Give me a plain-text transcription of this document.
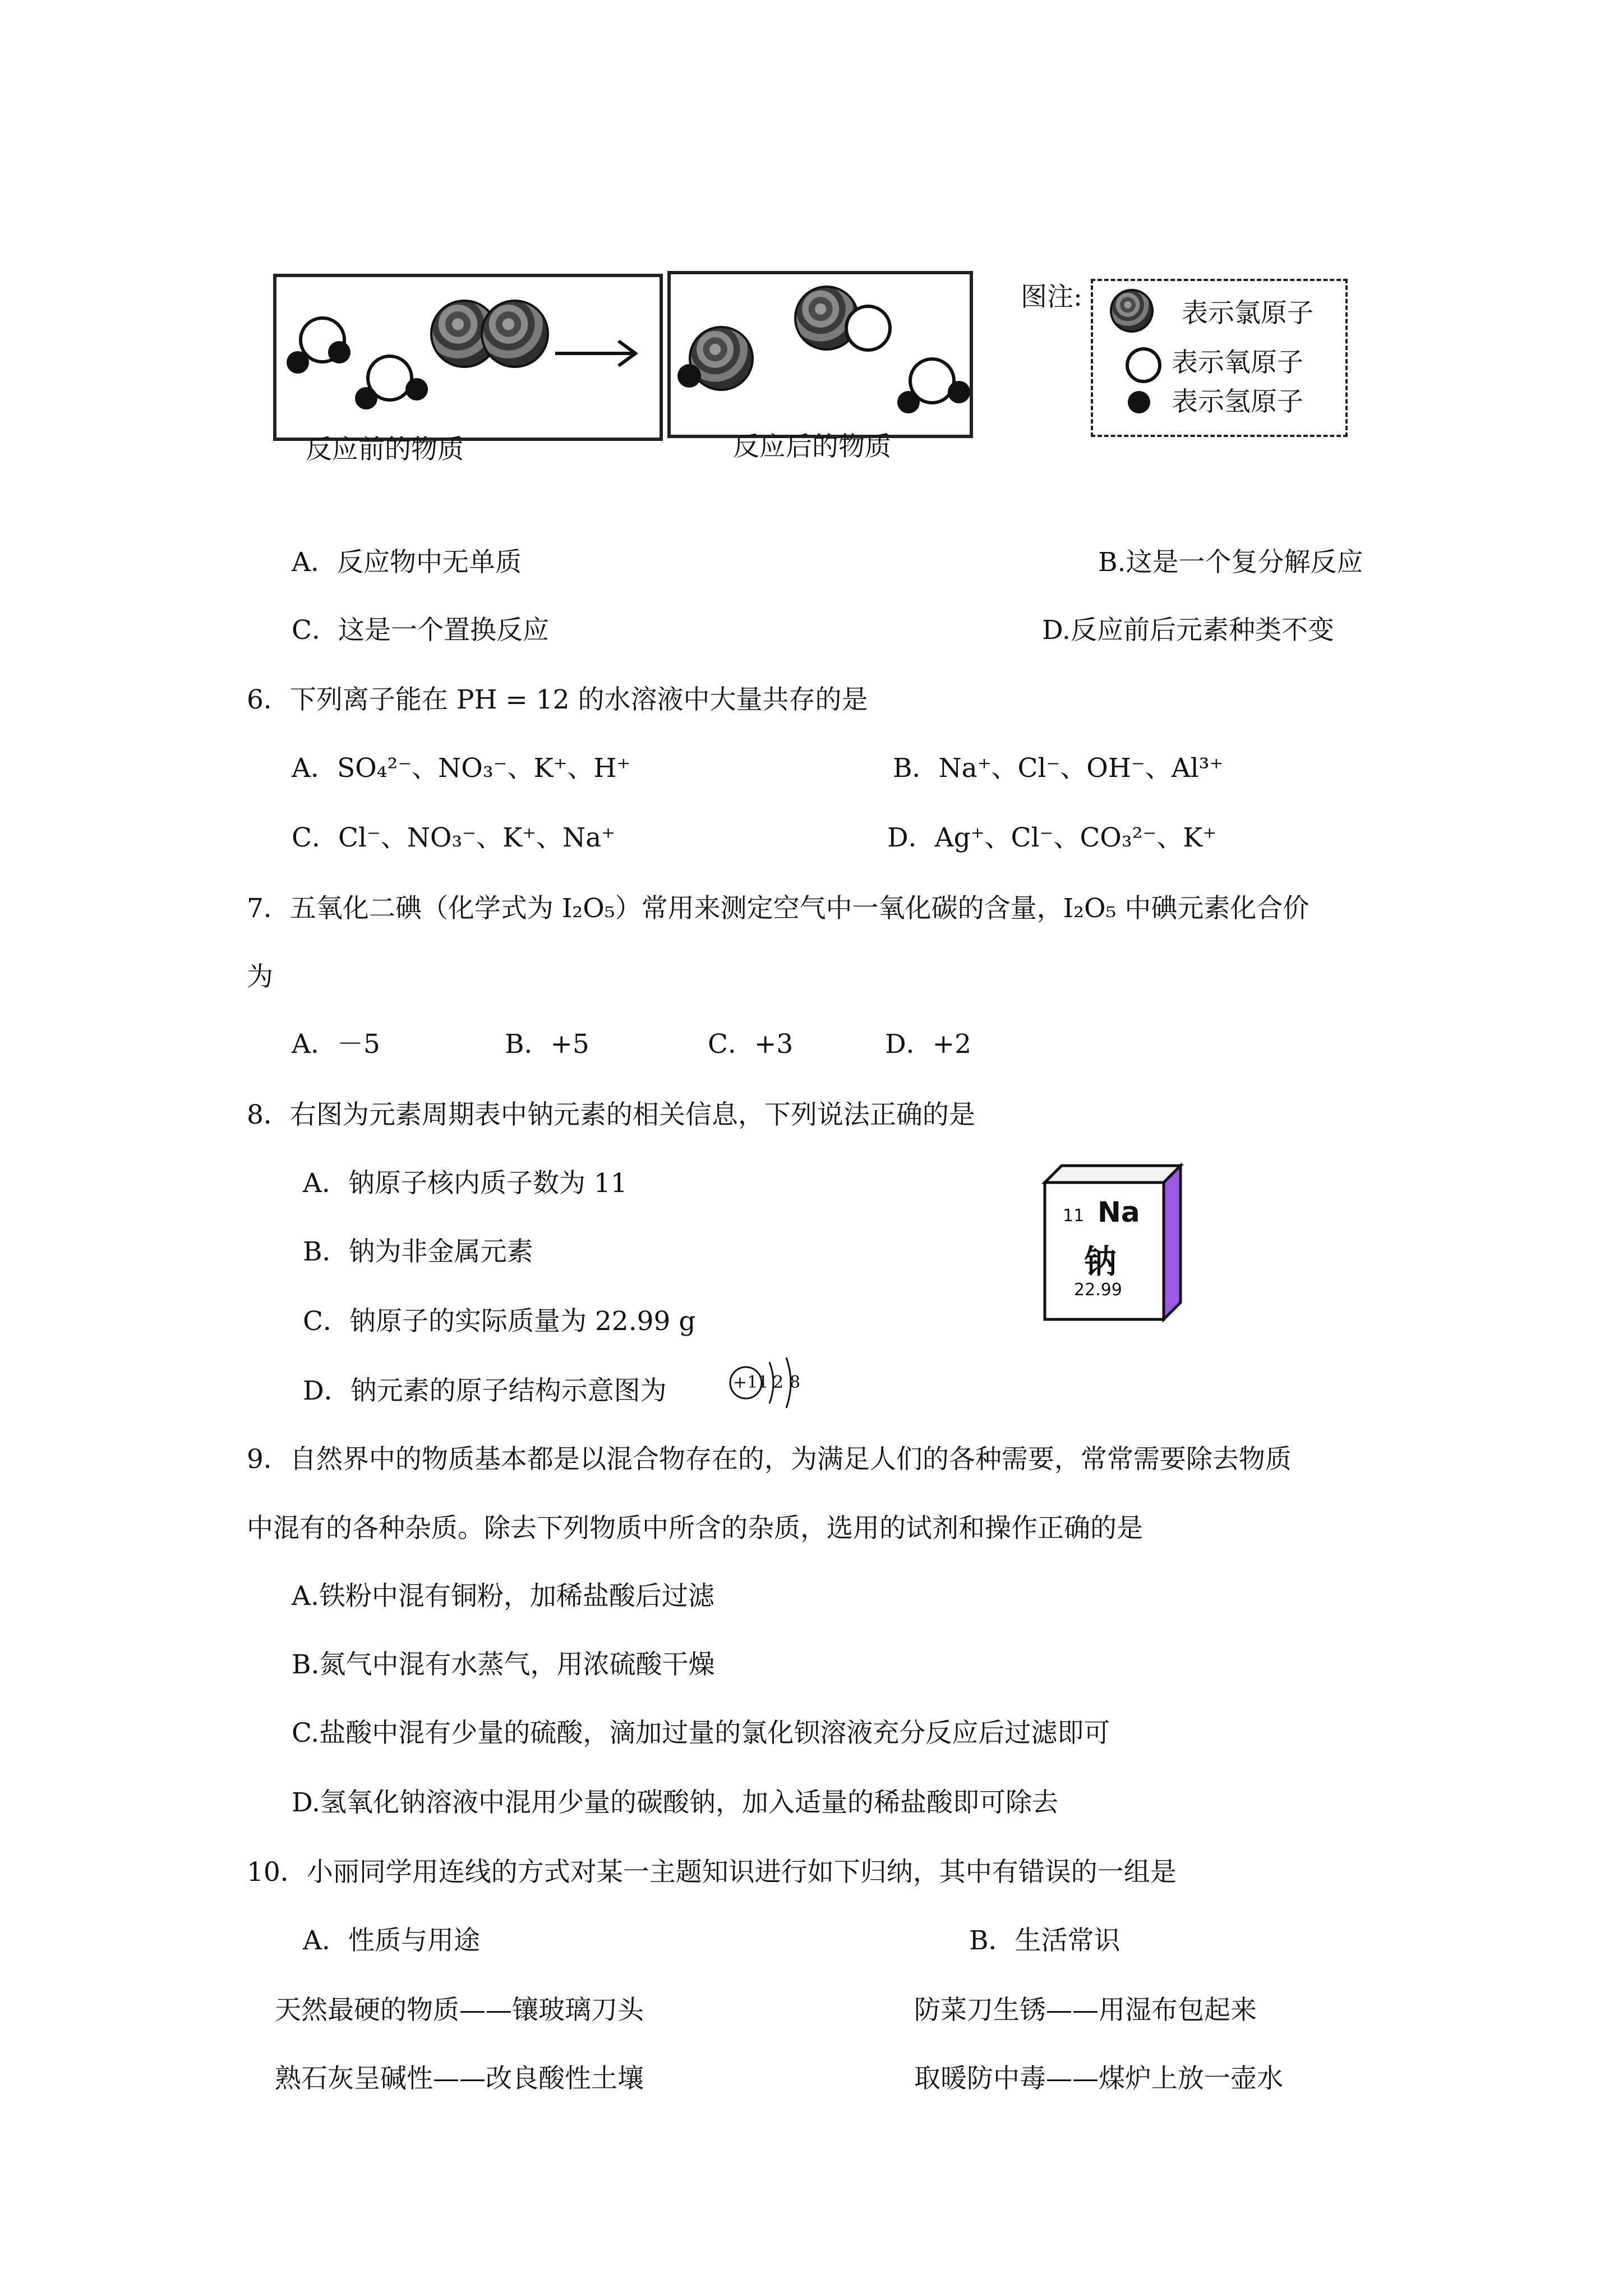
反应前的物质	反应后的物质
图注:
表示氯原子
表示氧原子
表示氢原子
A．反应物中无单质	B.这是一个复分解反应
C．这是一个置换反应	D.反应前后元素种类不变
6．下列离子能在 PH = 12 的水溶液中大量共存的是
A．SO₄²⁻、NO₃⁻、K⁺、H⁺	B．Na⁺、Cl⁻、OH⁻、Al³⁺
C．Cl⁻、NO₃⁻、K⁺、Na⁺	D．Ag⁺、Cl⁻、CO₃²⁻、K⁺
7．五氧化二碘（化学式为 I₂O₅）常用来测定空气中一氧化碳的含量，I₂O₅ 中碘元素化合价
为
A．－5	B．+5	C．+3	D．+2
8．右图为元素周期表中钠元素的相关信息，下列说法正确的是
A．钠原子核内质子数为 11
B．钠为非金属元素
C．钠原子的实际质量为 22.99 g
D．钠元素的原子结构示意图为	+11 2 8
11 Na
钠
22.99
9．自然界中的物质基本都是以混合物存在的，为满足人们的各种需要，常常需要除去物质
中混有的各种杂质。除去下列物质中所含的杂质，选用的试剂和操作正确的是
A.铁粉中混有铜粉，加稀盐酸后过滤
B.氮气中混有水蒸气，用浓硫酸干燥
C.盐酸中混有少量的硫酸，滴加过量的氯化钡溶液充分反应后过滤即可
D.氢氧化钠溶液中混用少量的碳酸钠，加入适量的稀盐酸即可除去
10．小丽同学用连线的方式对某一主题知识进行如下归纳，其中有错误的一组是
A．性质与用途	B．生活常识
天然最硬的物质——镶玻璃刀头	防菜刀生锈——用湿布包起来
熟石灰呈碱性——改良酸性土壤	取暖防中毒——煤炉上放一壶水
